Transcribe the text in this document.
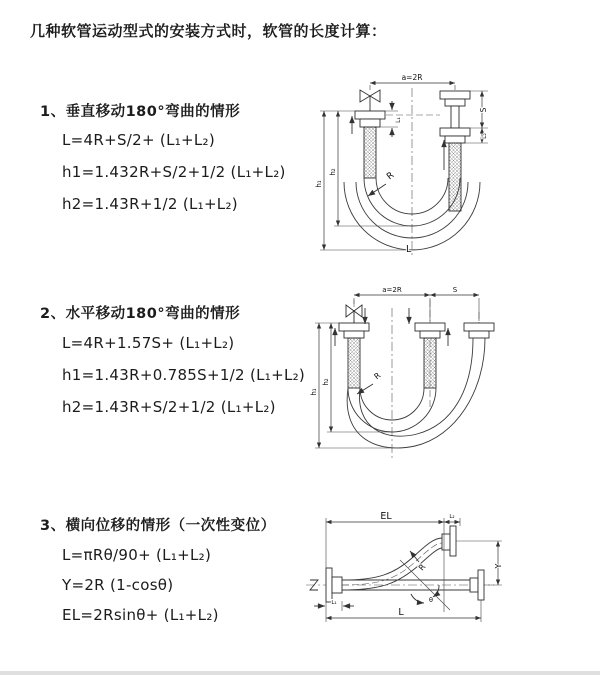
几种软管运动型式的安装方式时，软管的长度计算：
1、垂直移动180°弯曲的情形
L=4R+S/2+ (L₁+L₂)
h1=1.432R+S/2+1/2 (L₁+L₂)
h2=1.43R+1/2 (L₁+L₂)
a=2R
h₁
h₂
L₁
S
L₂
R
L
2、水平移动180°弯曲的情形
L=4R+1.57S+ (L₁+L₂)
h1=1.43R+0.785S+1/2 (L₁+L₂)
h2=1.43R+S/2+1/2 (L₁+L₂)
a=2R	S
h₁
h₂
R
3、横向位移的情形（一次性变位）
L=πRθ/90+ (L₁+L₂)
Y=2R (1-cosθ)
EL=2Rsinθ+ (L₁+L₂)
EL	L₂
Y
L
L₁	θ
R
